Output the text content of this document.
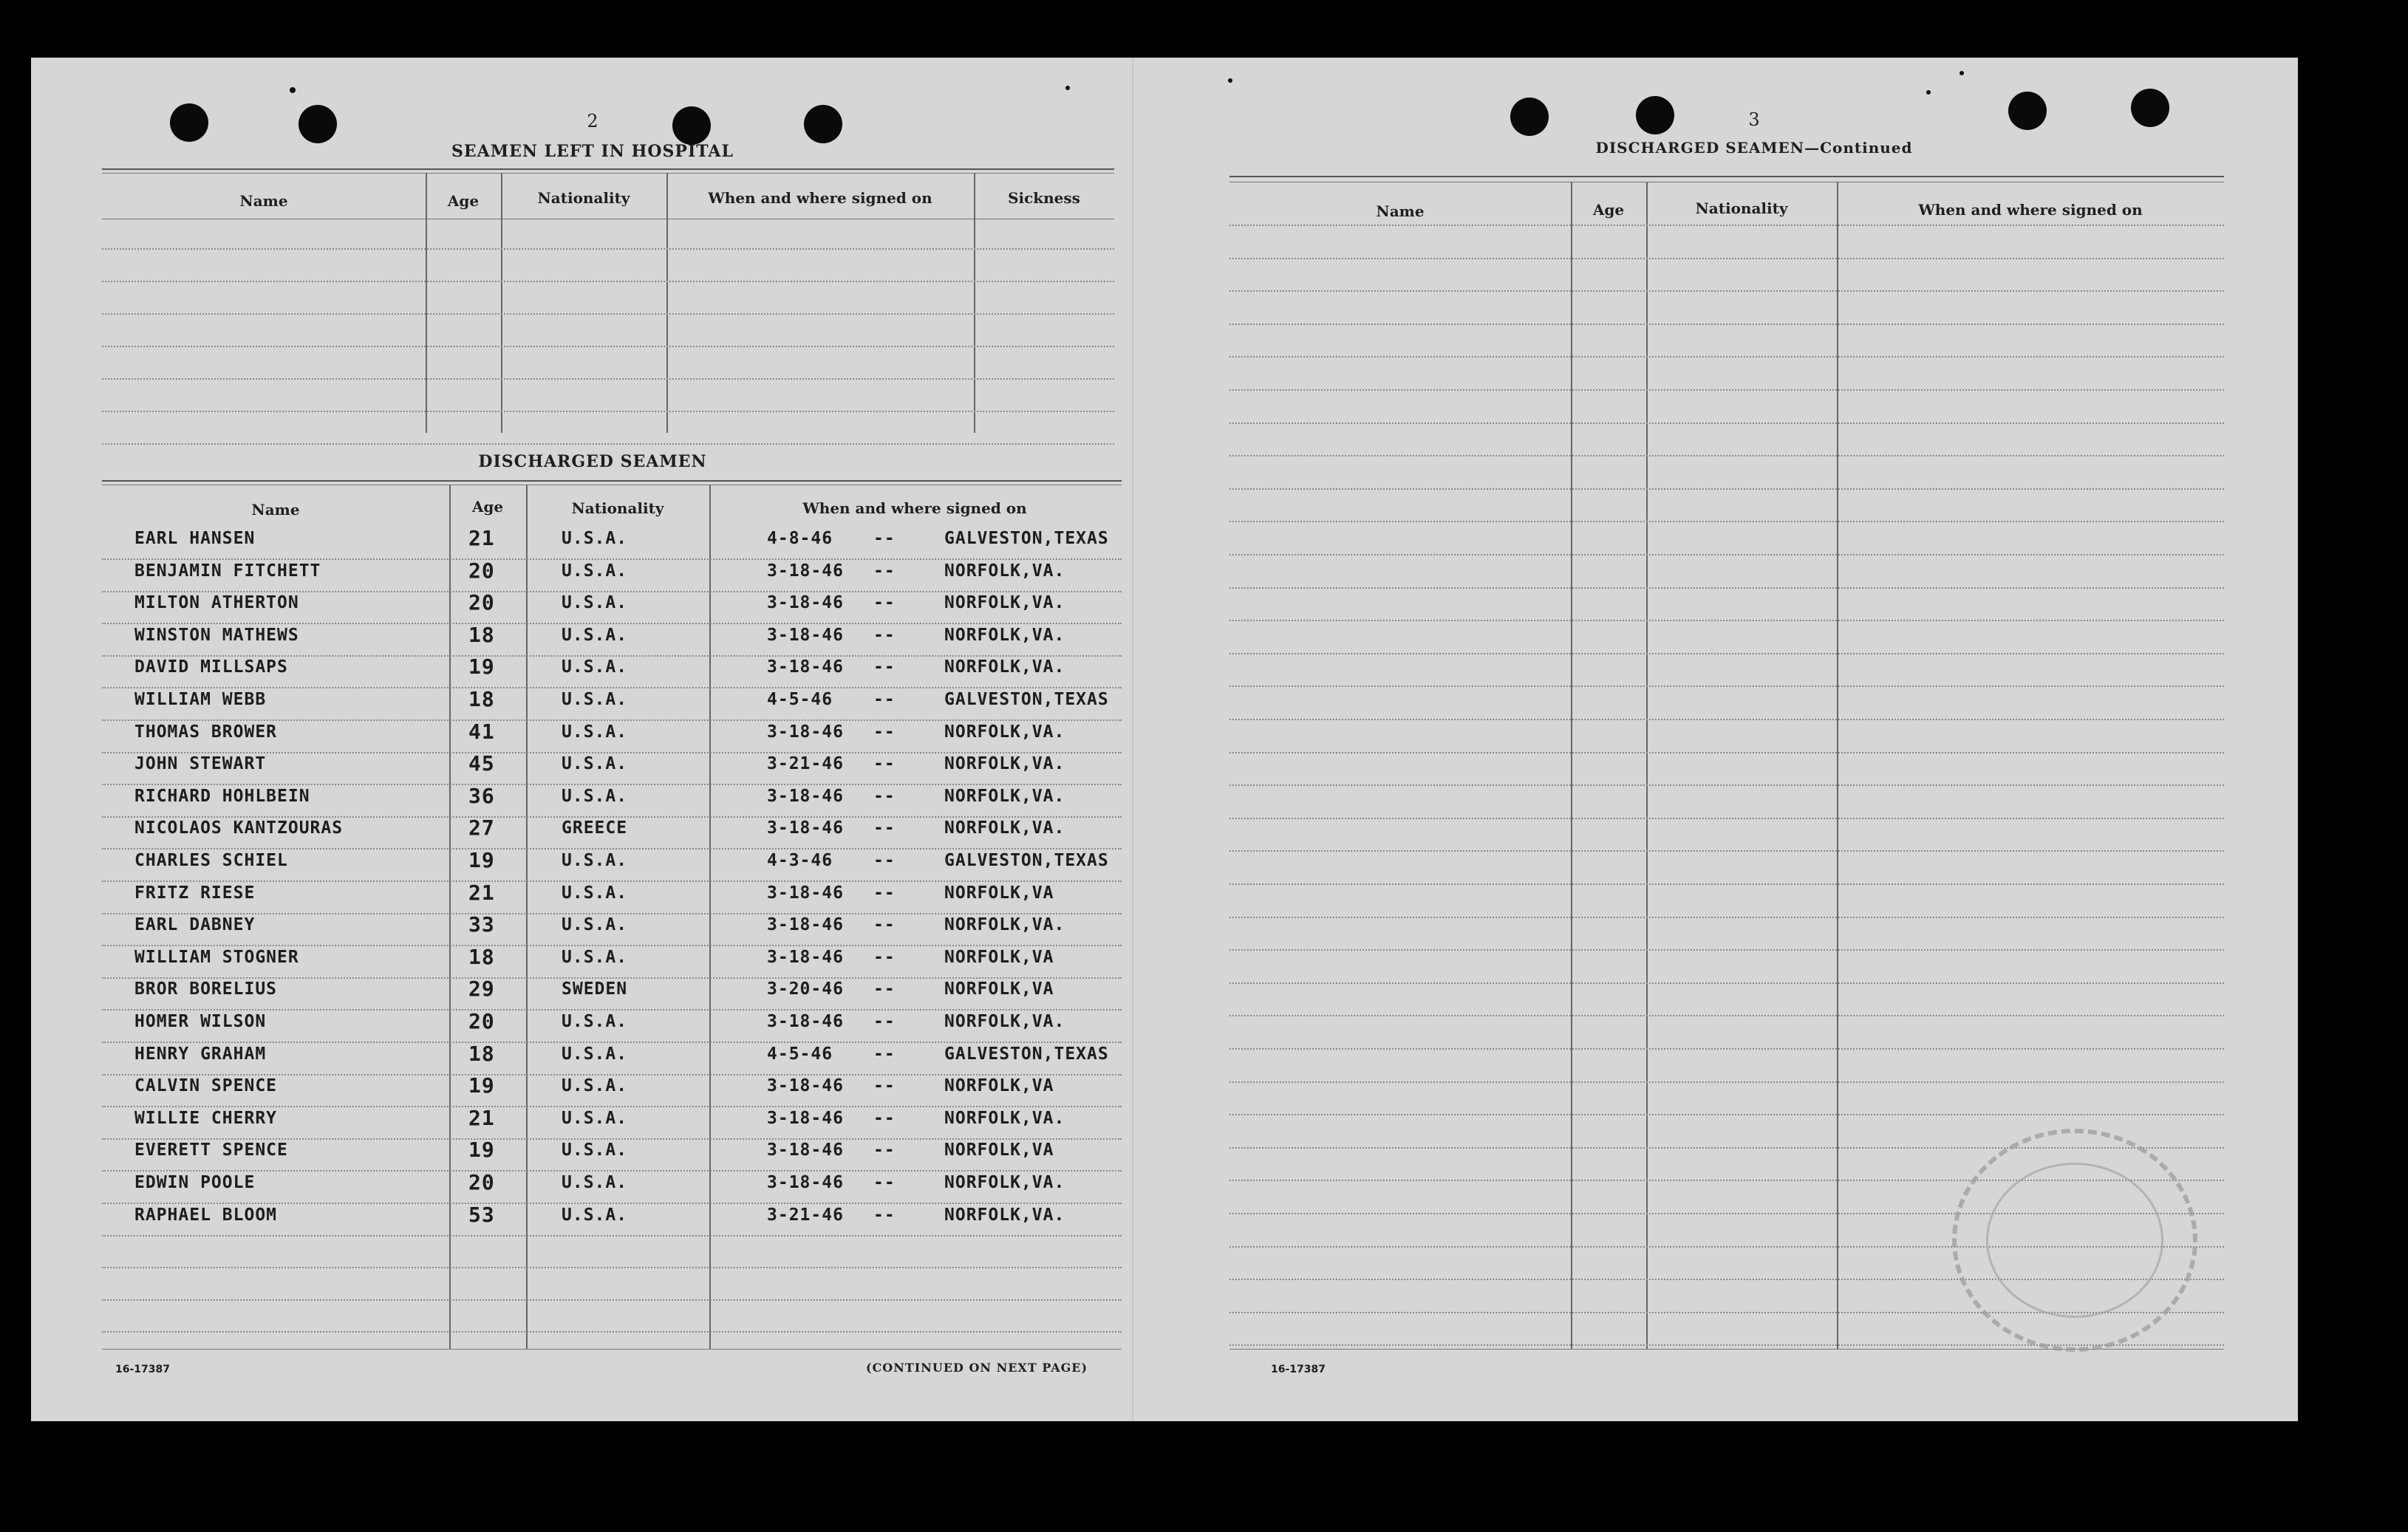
2
SEAMEN LEFT IN HOSPITAL
Name	Age	Nationality	When and where signed on	Sickness
DISCHARGED SEAMEN
Name	Age	Nationality	When and where signed on
EARL HANSEN	21	U.S.A.	4-8-46 --	GALVESTON,TEXAS
BENJAMIN FITCHETT	20	U.S.A.	3-18-46 --	NORFOLK,VA.
MILTON ATHERTON	20	U.S.A.	3-18-46 --	NORFOLK,VA.
WINSTON MATHEWS	18	U.S.A.	3-18-46 --	NORFOLK,VA.
DAVID MILLSAPS	19	U.S.A.	3-18-46 --	NORFOLK,VA.
WILLIAM WEBB	18	U.S.A.	4-5-46 --	GALVESTON,TEXAS
THOMAS BROWER	41	U.S.A.	3-18-46 --	NORFOLK,VA.
JOHN STEWART	45	U.S.A.	3-21-46 --	NORFOLK,VA.
RICHARD HOHLBEIN	36	U.S.A.	3-18-46 --	NORFOLK,VA.
NICOLAOS KANTZOURAS	27	GREECE	3-18-46 --	NORFOLK,VA.
CHARLES SCHIEL	19	U.S.A.	4-3-46 --	GALVESTON,TEXAS
FRITZ RIESE	21	U.S.A.	3-18-46 --	NORFOLK,VA
EARL DABNEY	33	U.S.A.	3-18-46 --	NORFOLK,VA.
WILLIAM STOGNER	18	U.S.A.	3-18-46 --	NORFOLK,VA
BROR BORELIUS	29	SWEDEN	3-20-46 --	NORFOLK,VA
HOMER WILSON	20	U.S.A.	3-18-46 --	NORFOLK,VA.
HENRY GRAHAM	18	U.S.A.	4-5-46 --	GALVESTON,TEXAS
CALVIN SPENCE	19	U.S.A.	3-18-46 --	NORFOLK,VA
WILLIE CHERRY	21	U.S.A.	3-18-46 --	NORFOLK,VA.
EVERETT SPENCE	19	U.S.A.	3-18-46 --	NORFOLK,VA
EDWIN POOLE	20	U.S.A.	3-18-46 --	NORFOLK,VA.
RAPHAEL BLOOM	53	U.S.A.	3-21-46 --	NORFOLK,VA.
16-17387	(CONTINUED ON NEXT PAGE)
3
DISCHARGED SEAMEN—Continued
Name	Age	Nationality	When and where signed on
16-17387
